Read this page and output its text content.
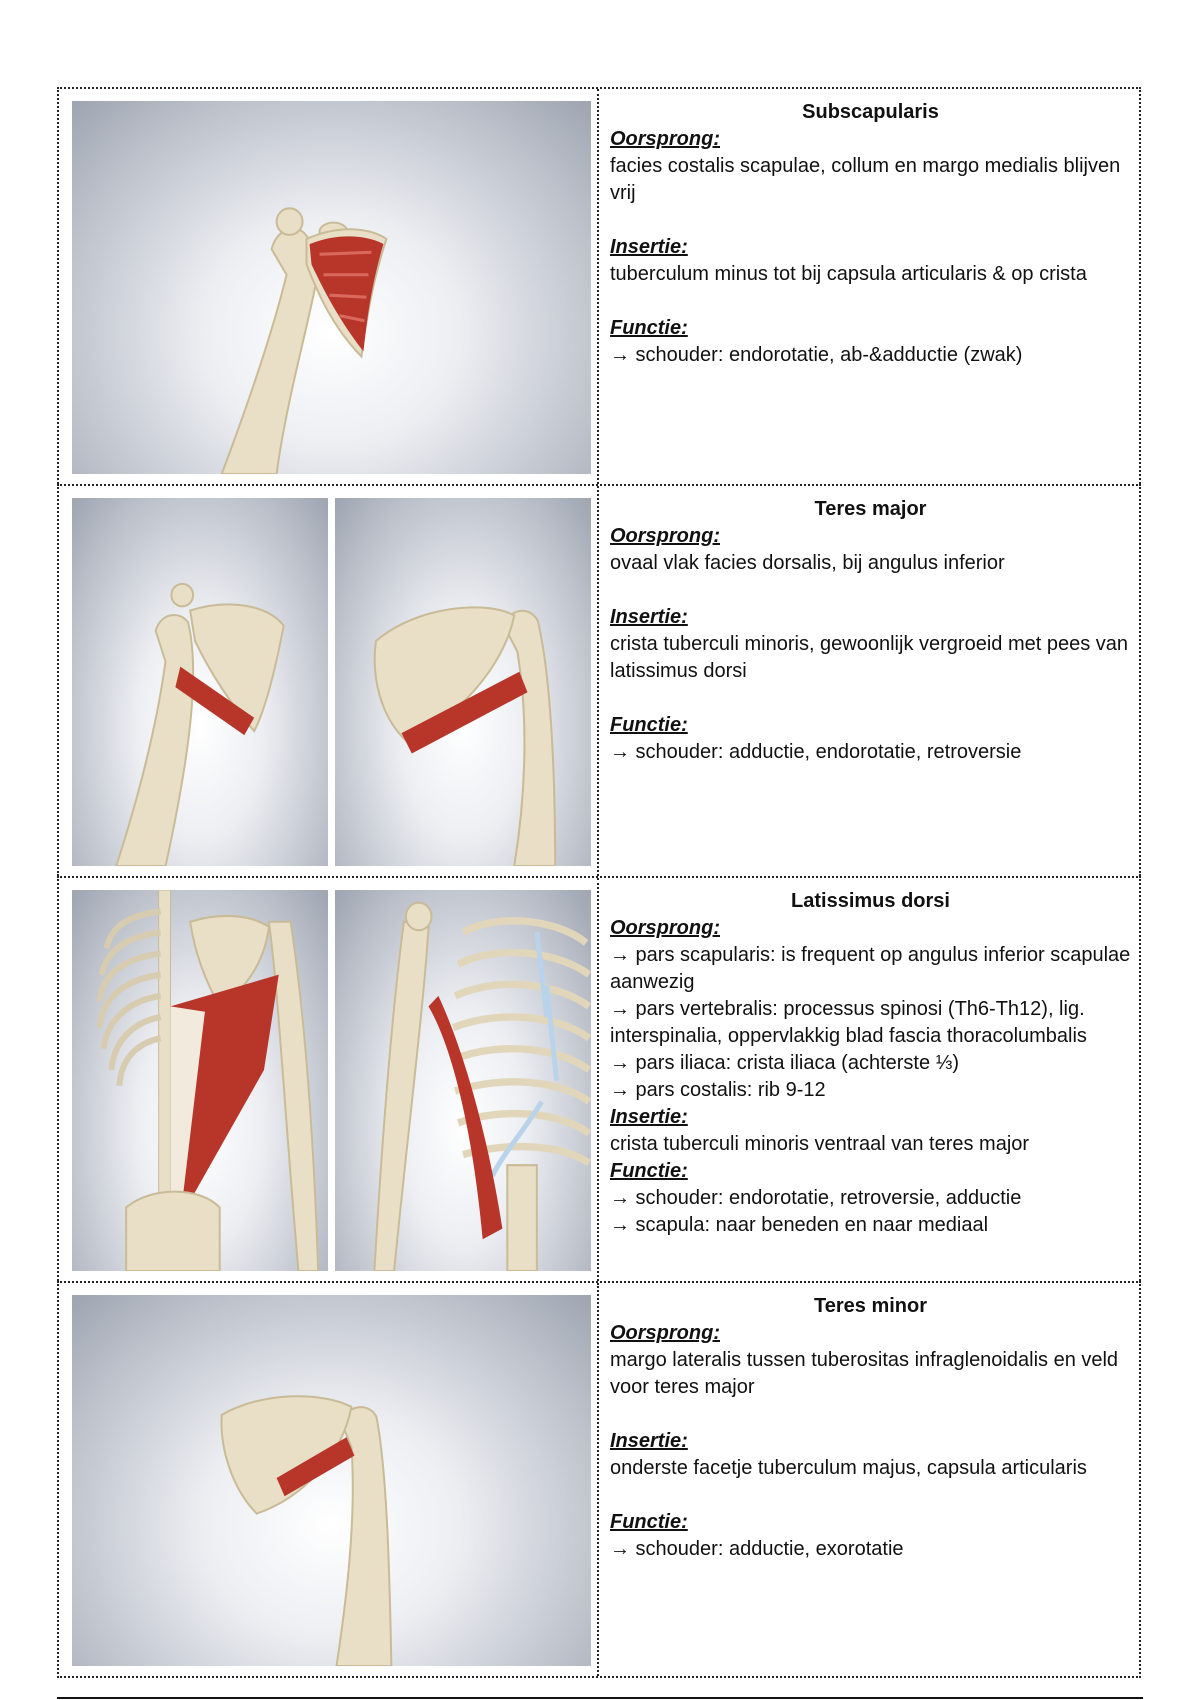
Subscapularis
Oorsprong:
facies costalis scapulae, collum en margo medialis blijven vrij
Insertie:
tuberculum minus tot bij capsula articularis & op crista
Functie:
→ schouder: endorotatie, ab-&adductie (zwak)
Teres major
Oorsprong:
ovaal vlak facies dorsalis, bij angulus inferior
Insertie:
crista tuberculi minoris, gewoonlijk vergroeid met pees van latissimus dorsi
Functie:
→ schouder: adductie, endorotatie, retroversie
Latissimus dorsi
Oorsprong:
→ pars scapularis: is frequent op angulus inferior scapulae aanwezig
→ pars vertebralis: processus spinosi (Th6-Th12), lig. interspinalia, oppervlakkig blad fascia thoracolumbalis
→ pars iliaca: crista iliaca (achterste ⅓)
→ pars costalis: rib 9-12
Insertie:
crista tuberculi minoris ventraal van teres major
Functie:
→ schouder: endorotatie, retroversie, adductie
→ scapula: naar beneden en naar mediaal
Teres minor
Oorsprong:
margo lateralis tussen tuberositas infraglenoidalis en veld voor teres major
Insertie:
onderste facetje tuberculum majus, capsula articularis
Functie:
→ schouder: adductie, exorotatie
